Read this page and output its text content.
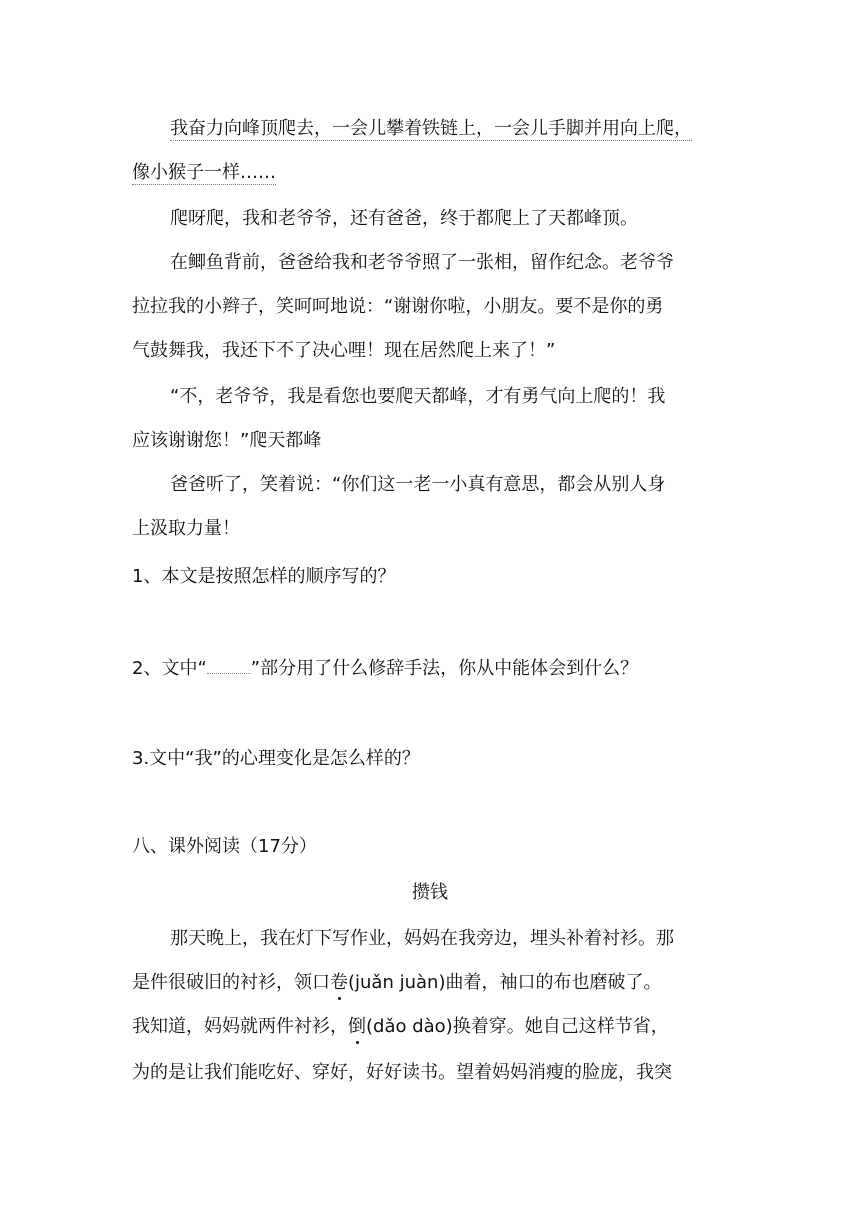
我奋力向峰顶爬去，一会儿攀着铁链上，一会儿手脚并用向上爬，
像小猴子一样……
爬呀爬，我和老爷爷，还有爸爸，终于都爬上了天都峰顶。
在鲫鱼背前，爸爸给我和老爷爷照了一张相，留作纪念。老爷爷
拉拉我的小辫子，笑呵呵地说：“谢谢你啦，小朋友。要不是你的勇
气鼓舞我，我还下不了决心哩！现在居然爬上来了！”
“不，老爷爷，我是看您也要爬天都峰，才有勇气向上爬的！我
应该谢谢您！”爬天都峰
爸爸听了，笑着说：“你们这一老一小真有意思，都会从别人身
上汲取力量！
1、本文是按照怎样的顺序写的？
2、文中“ ”部分用了什么修辞手法，你从中能体会到什么？
3.文中“我”的心理变化是怎么样的？
八、课外阅读（17分）
攒钱
那天晚上，我在灯下写作业，妈妈在我旁边，埋头补着衬衫。那
是件很破旧的衬衫，领口卷(juǎn juàn)曲着，袖口的布也磨破了。
我知道，妈妈就两件衬衫，倒(dǎo dào)换着穿。她自己这样节省，
为的是让我们能吃好、穿好，好好读书。望着妈妈消瘦的脸庞，我突
